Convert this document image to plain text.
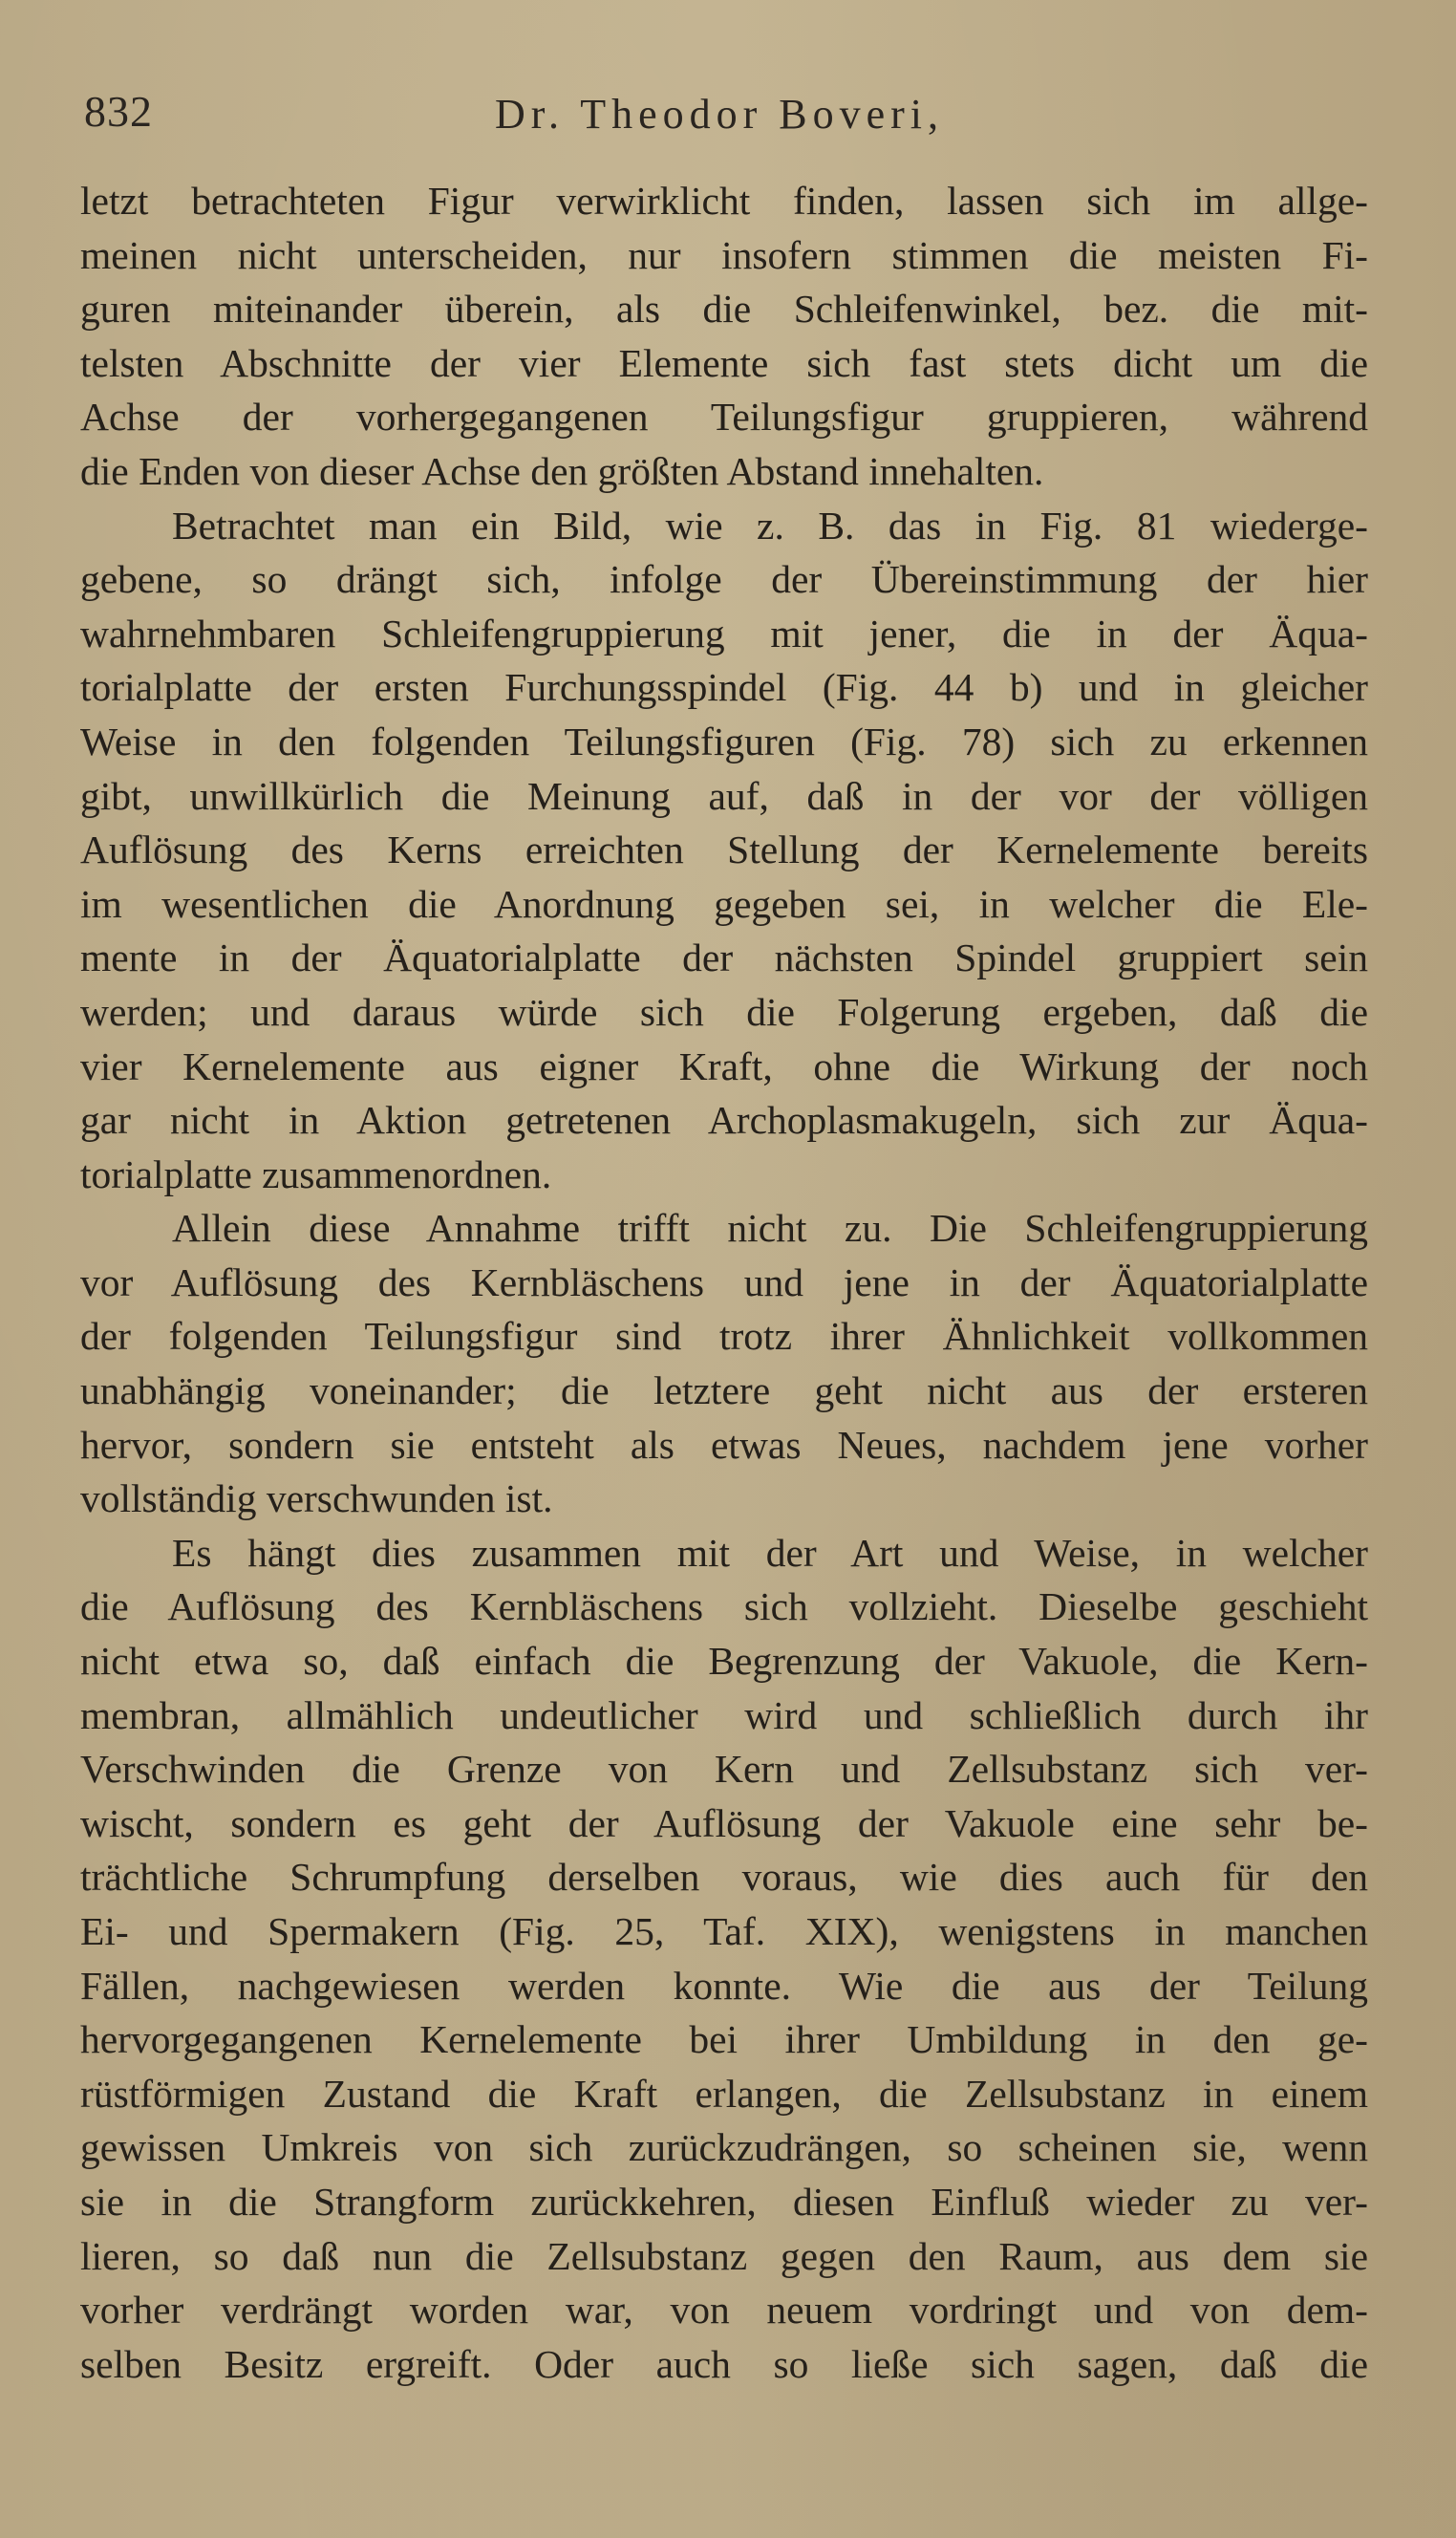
832	Dr. Theodor Boveri,
letzt betrachteten Figur verwirklicht finden, lassen sich im allge-
meinen nicht unterscheiden, nur insofern stimmen die meisten Fi-
guren miteinander überein, als die Schleifenwinkel, bez. die mit-
telsten Abschnitte der vier Elemente sich fast stets dicht um die
Achse der vorhergegangenen Teilungsfigur gruppieren, während
die Enden von dieser Achse den größten Abstand innehalten.
Betrachtet man ein Bild, wie z. B. das in Fig. 81 wiederge-
gebene, so drängt sich, infolge der Übereinstimmung der hier
wahrnehmbaren Schleifengruppierung mit jener, die in der Äqua-
torialplatte der ersten Furchungsspindel (Fig. 44 b) und in gleicher
Weise in den folgenden Teilungsfiguren (Fig. 78) sich zu erkennen
gibt, unwillkürlich die Meinung auf, daß in der vor der völligen
Auflösung des Kerns erreichten Stellung der Kernelemente bereits
im wesentlichen die Anordnung gegeben sei, in welcher die Ele-
mente in der Äquatorialplatte der nächsten Spindel gruppiert sein
werden; und daraus würde sich die Folgerung ergeben, daß die
vier Kernelemente aus eigner Kraft, ohne die Wirkung der noch
gar nicht in Aktion getretenen Archoplasmakugeln, sich zur Äqua-
torialplatte zusammenordnen.
Allein diese Annahme trifft nicht zu. Die Schleifengruppierung
vor Auflösung des Kernbläschens und jene in der Äquatorialplatte
der folgenden Teilungsfigur sind trotz ihrer Ähnlichkeit vollkommen
unabhängig voneinander; die letztere geht nicht aus der ersteren
hervor, sondern sie entsteht als etwas Neues, nachdem jene vorher
vollständig verschwunden ist.
Es hängt dies zusammen mit der Art und Weise, in welcher
die Auflösung des Kernbläschens sich vollzieht. Dieselbe geschieht
nicht etwa so, daß einfach die Begrenzung der Vakuole, die Kern-
membran, allmählich undeutlicher wird und schließlich durch ihr
Verschwinden die Grenze von Kern und Zellsubstanz sich ver-
wischt, sondern es geht der Auflösung der Vakuole eine sehr be-
trächtliche Schrumpfung derselben voraus, wie dies auch für den
Ei- und Spermakern (Fig. 25, Taf. XIX), wenigstens in manchen
Fällen, nachgewiesen werden konnte. Wie die aus der Teilung
hervorgegangenen Kernelemente bei ihrer Umbildung in den ge-
rüstförmigen Zustand die Kraft erlangen, die Zellsubstanz in einem
gewissen Umkreis von sich zurückzudrängen, so scheinen sie, wenn
sie in die Strangform zurückkehren, diesen Einfluß wieder zu ver-
lieren, so daß nun die Zellsubstanz gegen den Raum, aus dem sie
vorher verdrängt worden war, von neuem vordringt und von dem-
selben Besitz ergreift. Oder auch so ließe sich sagen, daß die
